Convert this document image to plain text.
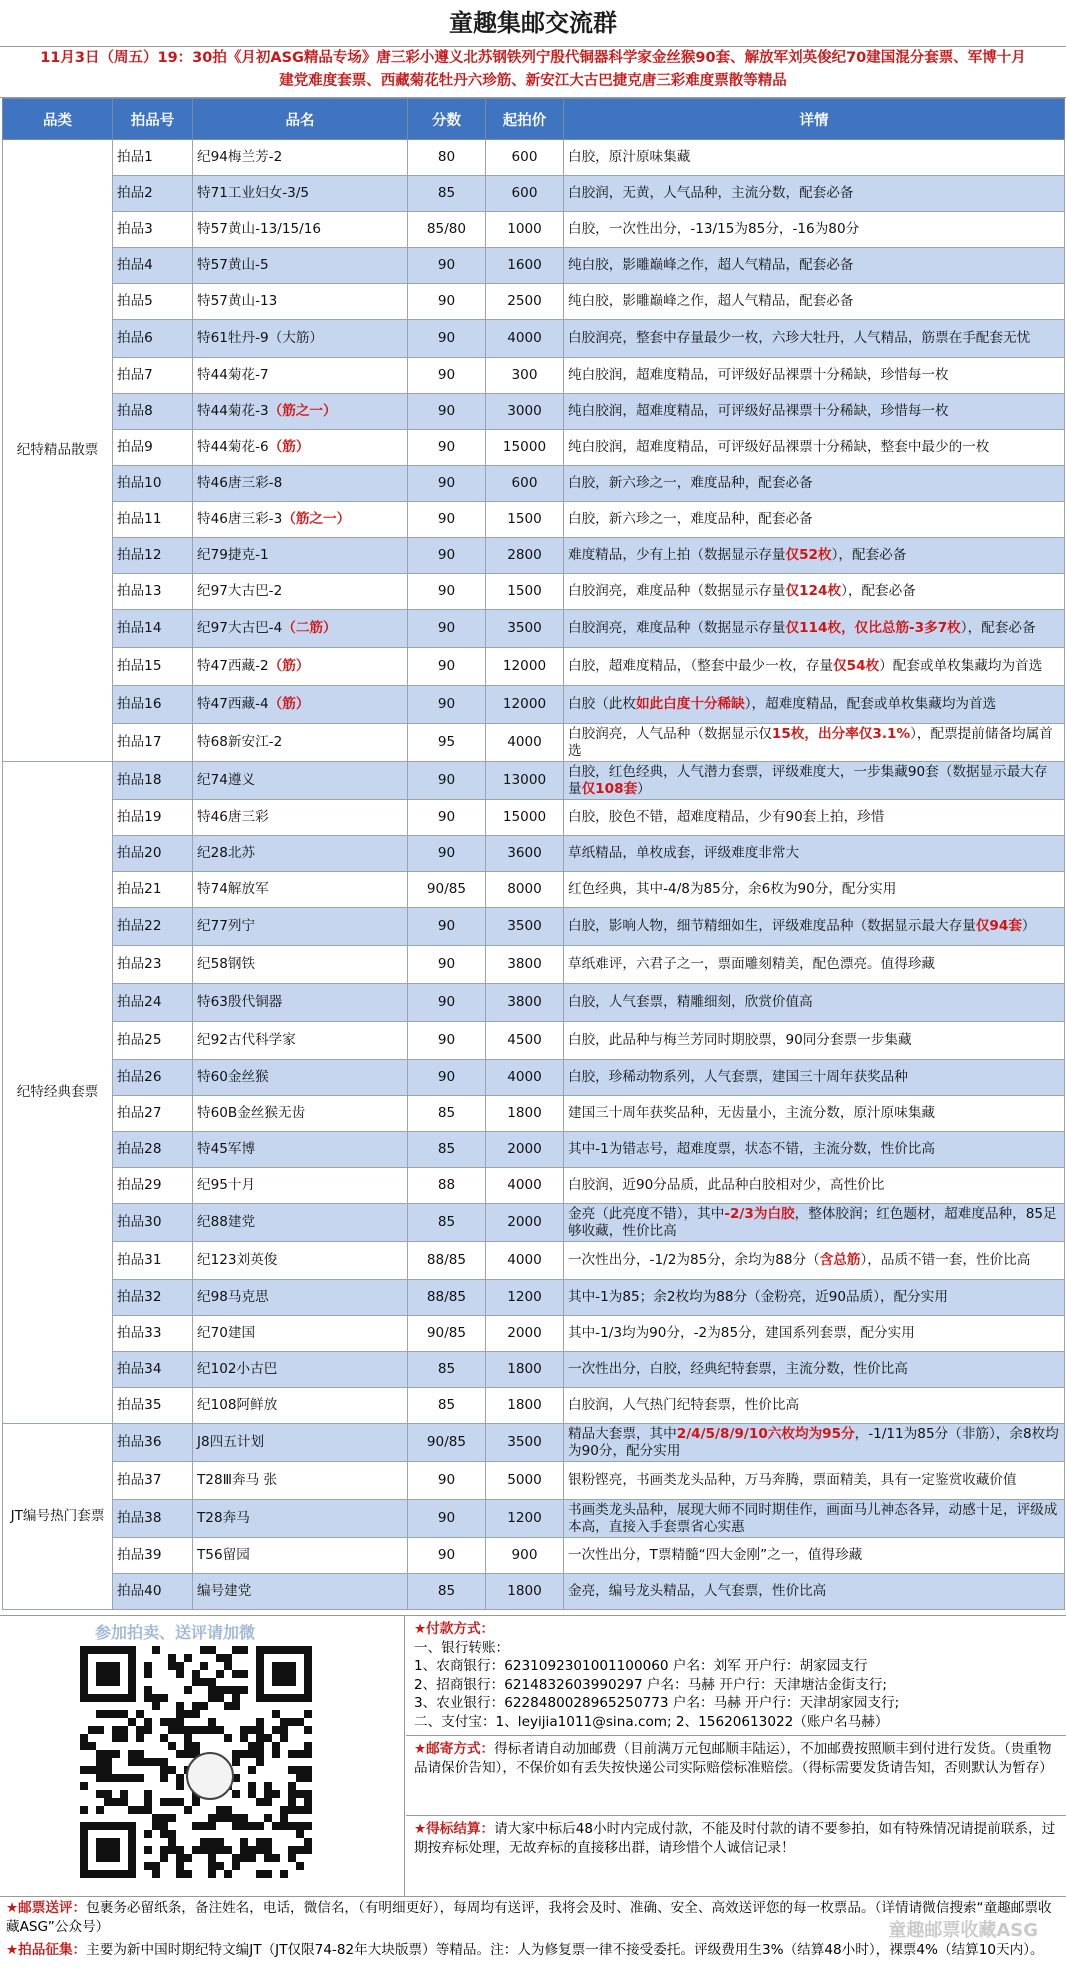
童趣集邮交流群
11月3日（周五）19：30拍《月初ASG精品专场》唐三彩小遵义北苏钢铁列宁殷代铜器科学家金丝猴90套、解放军刘英俊纪70建国混分套票、军博十月
建党难度套票、西藏菊花牡丹六珍筋、新安江大古巴捷克唐三彩难度票散等精品
品类	拍品号	品名	分数	起拍价	详情
纪特精品散票	拍品1	纪94梅兰芳-2	80	600	白胶，原汁原味集藏
	拍品2	特71工业妇女-3/5	85	600	白胶润，无黄，人气品种，主流分数，配套必备
	拍品3	特57黄山-13/15/16	85/80	1000	白胶，一次性出分，-13/15为85分，-16为80分
	拍品4	特57黄山-5	90	1600	纯白胶，影雕巅峰之作，超人气精品，配套必备
	拍品5	特57黄山-13	90	2500	纯白胶，影雕巅峰之作，超人气精品，配套必备
	拍品6	特61牡丹-9（大筋）	90	4000	白胶润亮，整套中存量最少一枚，六珍大牡丹，人气精品，筋票在手配套无忧
	拍品7	特44菊花-7	90	300	纯白胶润，超难度精品，可评级好品裸票十分稀缺，珍惜每一枚
	拍品8	特44菊花-3（筋之一）	90	3000	纯白胶润，超难度精品，可评级好品裸票十分稀缺，珍惜每一枚
	拍品9	特44菊花-6（筋）	90	15000	纯白胶润，超难度精品，可评级好品裸票十分稀缺，整套中最少的一枚
	拍品10	特46唐三彩-8	90	600	白胶，新六珍之一，难度品种，配套必备
	拍品11	特46唐三彩-3（筋之一）	90	1500	白胶，新六珍之一，难度品种，配套必备
	拍品12	纪79捷克-1	90	2800	难度精品，少有上拍（数据显示存量仅52枚），配套必备
	拍品13	纪97大古巴-2	90	1500	白胶润亮，难度品种（数据显示存量仅124枚），配套必备
	拍品14	纪97大古巴-4（二筋）	90	3500	白胶润亮，难度品种（数据显示存量仅114枚，仅比总筋-3多7枚），配套必备
	拍品15	特47西藏-2（筋）	90	12000	白胶，超难度精品，（整套中最少一枚，存量仅54枚）配套或单枚集藏均为首选
	拍品16	特47西藏-4（筋）	90	12000	白胶（此枚如此白度十分稀缺），超难度精品，配套或单枚集藏均为首选
	拍品17	特68新安江-2	95	4000	白胶润亮，人气品种（数据显示仅15枚，出分率仅3.1%），配票提前储备均属首选
纪特经典套票	拍品18	纪74遵义	90	13000	白胶，红色经典，人气潜力套票，评级难度大，一步集藏90套（数据显示最大存量仅108套）
	拍品19	特46唐三彩	90	15000	白胶，胶色不错，超难度精品，少有90套上拍，珍惜
	拍品20	纪28北苏	90	3600	草纸精品，单枚成套，评级难度非常大
	拍品21	特74解放军	90/85	8000	红色经典，其中-4/8为85分，余6枚为90分，配分实用
	拍品22	纪77列宁	90	3500	白胶，影响人物，细节精细如生，评级难度品种（数据显示最大存量仅94套）
	拍品23	纪58钢铁	90	3800	草纸难评，六君子之一，票面雕刻精美，配色漂亮。值得珍藏
	拍品24	特63殷代铜器	90	3800	白胶，人气套票，精雕细刻，欣赏价值高
	拍品25	纪92古代科学家	90	4500	白胶，此品种与梅兰芳同时期胶票，90同分套票一步集藏
	拍品26	特60金丝猴	90	4000	白胶，珍稀动物系列，人气套票，建国三十周年获奖品种
	拍品27	特60B金丝猴无齿	85	1800	建国三十周年获奖品种，无齿量小，主流分数，原汁原味集藏
	拍品28	特45军博	85	2000	其中-1为错志号，超难度票，状态不错，主流分数，性价比高
	拍品29	纪95十月	88	4000	白胶润，近90分品质，此品种白胶相对少，高性价比
	拍品30	纪88建党	85	2000	金亮（此亮度不错），其中-2/3为白胶，整体胶润；红色题材，超难度品种，85足够收藏，性价比高
	拍品31	纪123刘英俊	88/85	4000	一次性出分，-1/2为85分，余均为88分（含总筋），品质不错一套，性价比高
	拍品32	纪98马克思	88/85	1200	其中-1为85；余2枚均为88分（金粉亮，近90品质），配分实用
	拍品33	纪70建国	90/85	2000	其中-1/3均为90分，-2为85分，建国系列套票，配分实用
	拍品34	纪102小古巴	85	1800	一次性出分，白胶，经典纪特套票，主流分数，性价比高
	拍品35	纪108阿鲜放	85	1800	白胶润，人气热门纪特套票，性价比高
JT编号热门套票	拍品36	J8四五计划	90/85	3500	精品大套票，其中2/4/5/8/9/10六枚均为95分，-1/11为85分（非筋），余8枚均为90分，配分实用
	拍品37	T28Ⅲ奔马 张	90	5000	银粉铿亮，书画类龙头品种，万马奔腾，票面精美，具有一定鉴赏收藏价值
	拍品38	T28奔马	90	1200	书画类龙头品种，展现大师不同时期佳作，画面马儿神态各异，动感十足，评级成本高，直接入手套票省心实惠
	拍品39	T56留园	90	900	一次性出分，T票精髓“四大金刚”之一，值得珍藏
	拍品40	编号建党	85	1800	金亮，编号龙头精品，人气套票，性价比高
参加拍卖、送评请加微	★付款方式：
一、银行转账：
1、农商银行：6231092301001100060 户名：刘军 开户行：胡家园支行
2、招商银行：6214832603990297 户名：马赫 开户行：天津塘沽金街支行;
3、农业银行：6228480028965250773 户名：马赫 开户行：天津胡家园支行;
二、支付宝：1、leyijia1011@sina.com; 2、15620613022（账户名马赫）
★邮寄方式：得标者请自动加邮费（目前满万元包邮顺丰陆运），不加邮费按照顺丰到付进行发货。（贵重物品请保价告知），不保价如有丢失按快递公司实际赔偿标准赔偿。（得标需要发货请告知，否则默认为暂存）
★得标结算：请大家中标后48小时内完成付款，不能及时付款的请不要参拍，如有特殊情况请提前联系，过期按弃标处理，无故弃标的直接移出群，请珍惜个人诚信记录！
★邮票送评：包裹务必留纸条，备注姓名，电话，微信名，（有明细更好），每周均有送评，我将会及时、准确、安全、高效送评您的每一枚票品。（详情请微信搜索“童趣邮票收藏ASG”公众号）
★拍品征集：主要为新中国时期纪特文编JT（JT仅限74-82年大块版票）等精品。注：人为修复票一律不接受委托。评级费用生3%（结算48小时），裸票4%（结算10天内）。
童趣邮票收藏ASG
